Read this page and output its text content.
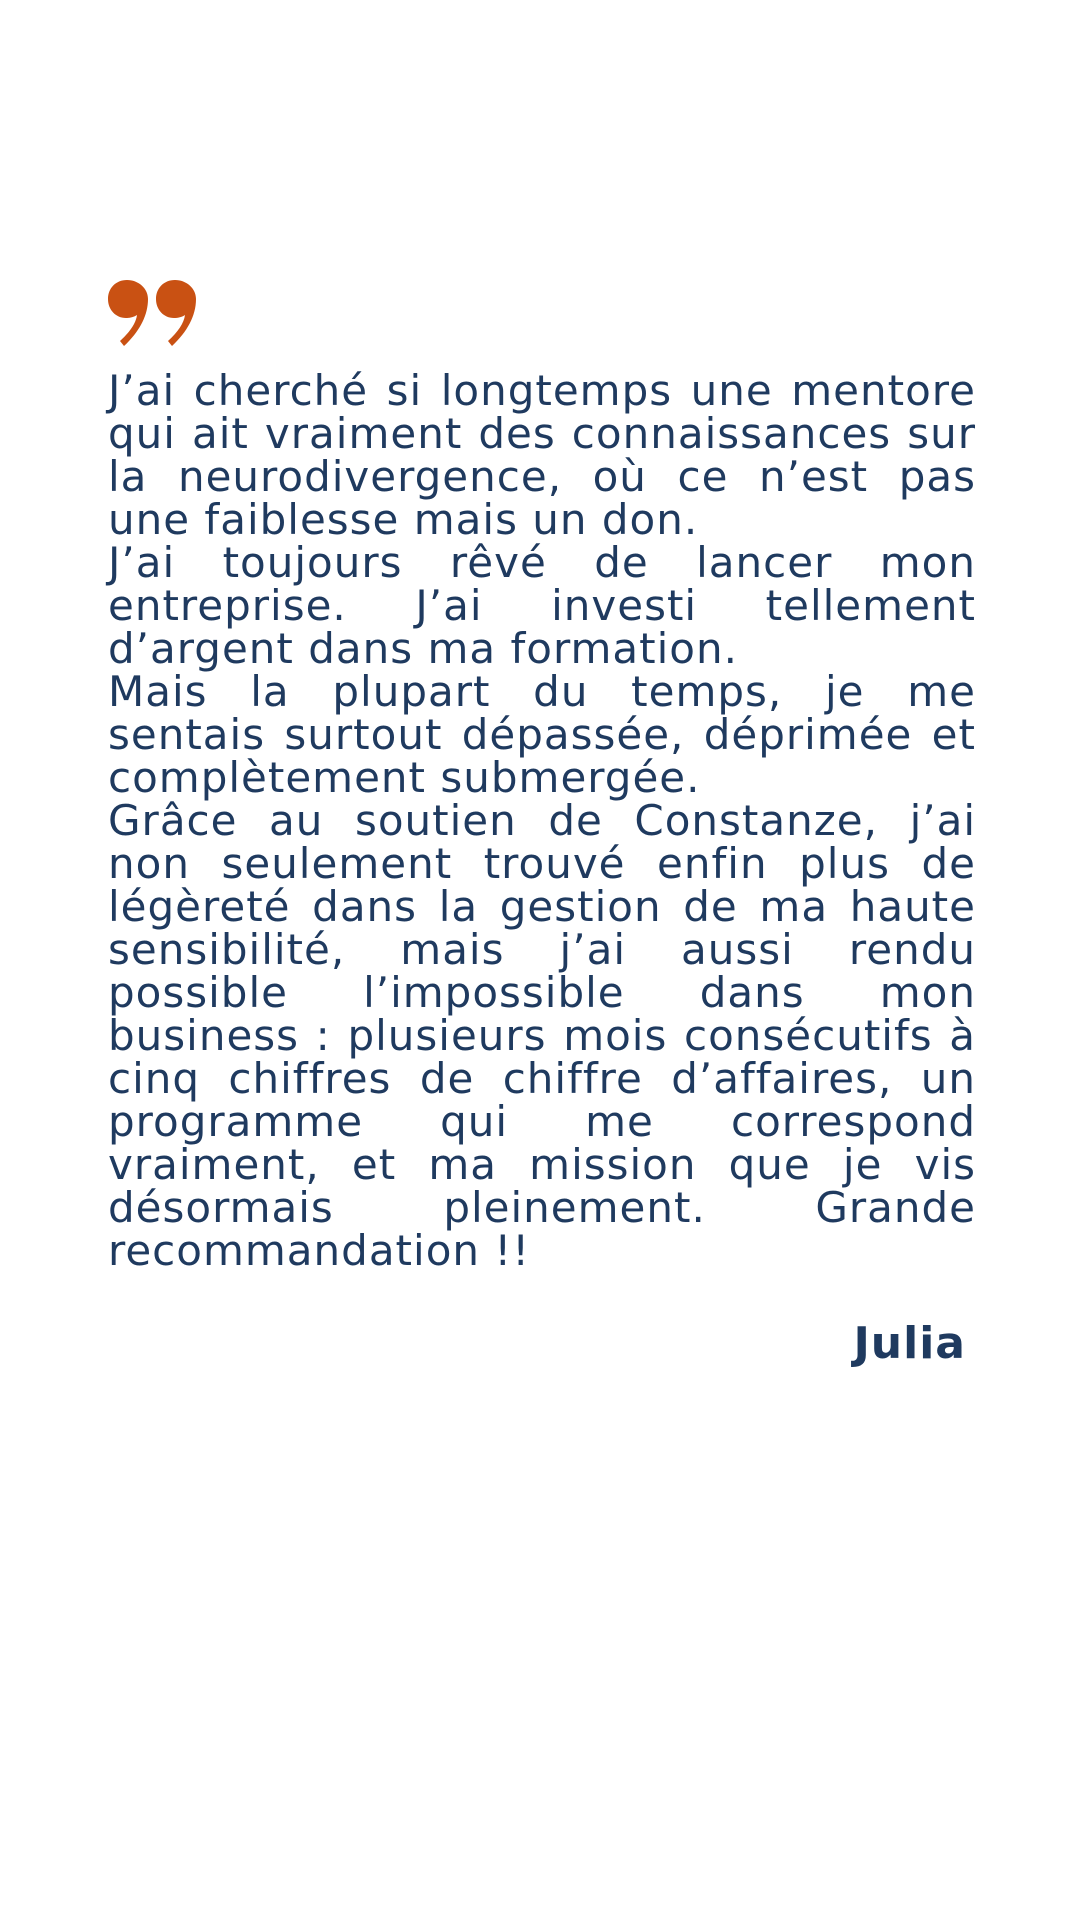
J’ai cherché si longtemps une mentore qui ait vraiment des connaissances sur la neurodivergence, où ce n’est pas une faiblesse mais un don.

J’ai toujours rêvé de lancer mon entreprise. J’ai investi tellement d’argent dans ma formation.

Mais la plupart du temps, je me sentais surtout dépassée, déprimée et complètement submergée.

Grâce au soutien de Constanze, j’ai non seulement trouvé enfin plus de légèreté dans la gestion de ma haute sensibilité, mais j’ai aussi rendu possible l’impossible dans mon business : plusieurs mois consécutifs à cinq chiffres de chiffre d’affaires, un programme qui me correspond vraiment, et ma mission que je vis désormais pleinement. Grande recommandation !!

Julia
